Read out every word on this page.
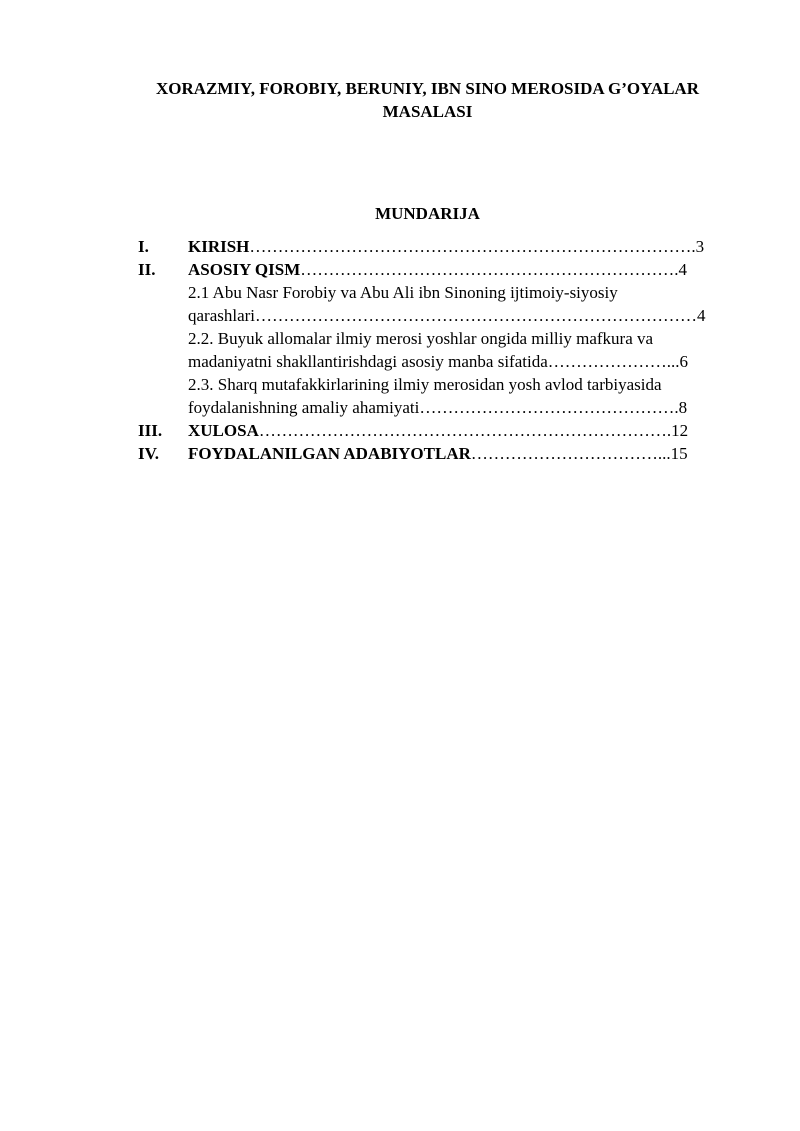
XORAZMIY, FOROBIY, BERUNIY, IBN SINO MEROSIDA G’OYALAR

MASALASI

MUNDARIJA

I. KIRISH…………………………………………………………………….3
II. ASOSIY QISM………………………………………………………….4
2.1 Abu Nasr Forobiy va Abu Ali ibn Sinoning ijtimoiy-siyosiy
qarashlari……………………………………………………………………4
2.2. Buyuk allomalar ilmiy merosi yoshlar ongida milliy mafkura va
madaniyatni shakllantirishdagi asosiy manba sifatida…………………...6
2.3. Sharq mutafakkirlarining ilmiy merosidan yosh avlod tarbiyasida
foydalanishning amaliy ahamiyati……………………………………….8
III. XULOSA……………………………………………………………….12
IV. FOYDALANILGAN ADABIYOTLAR……………………………...15
